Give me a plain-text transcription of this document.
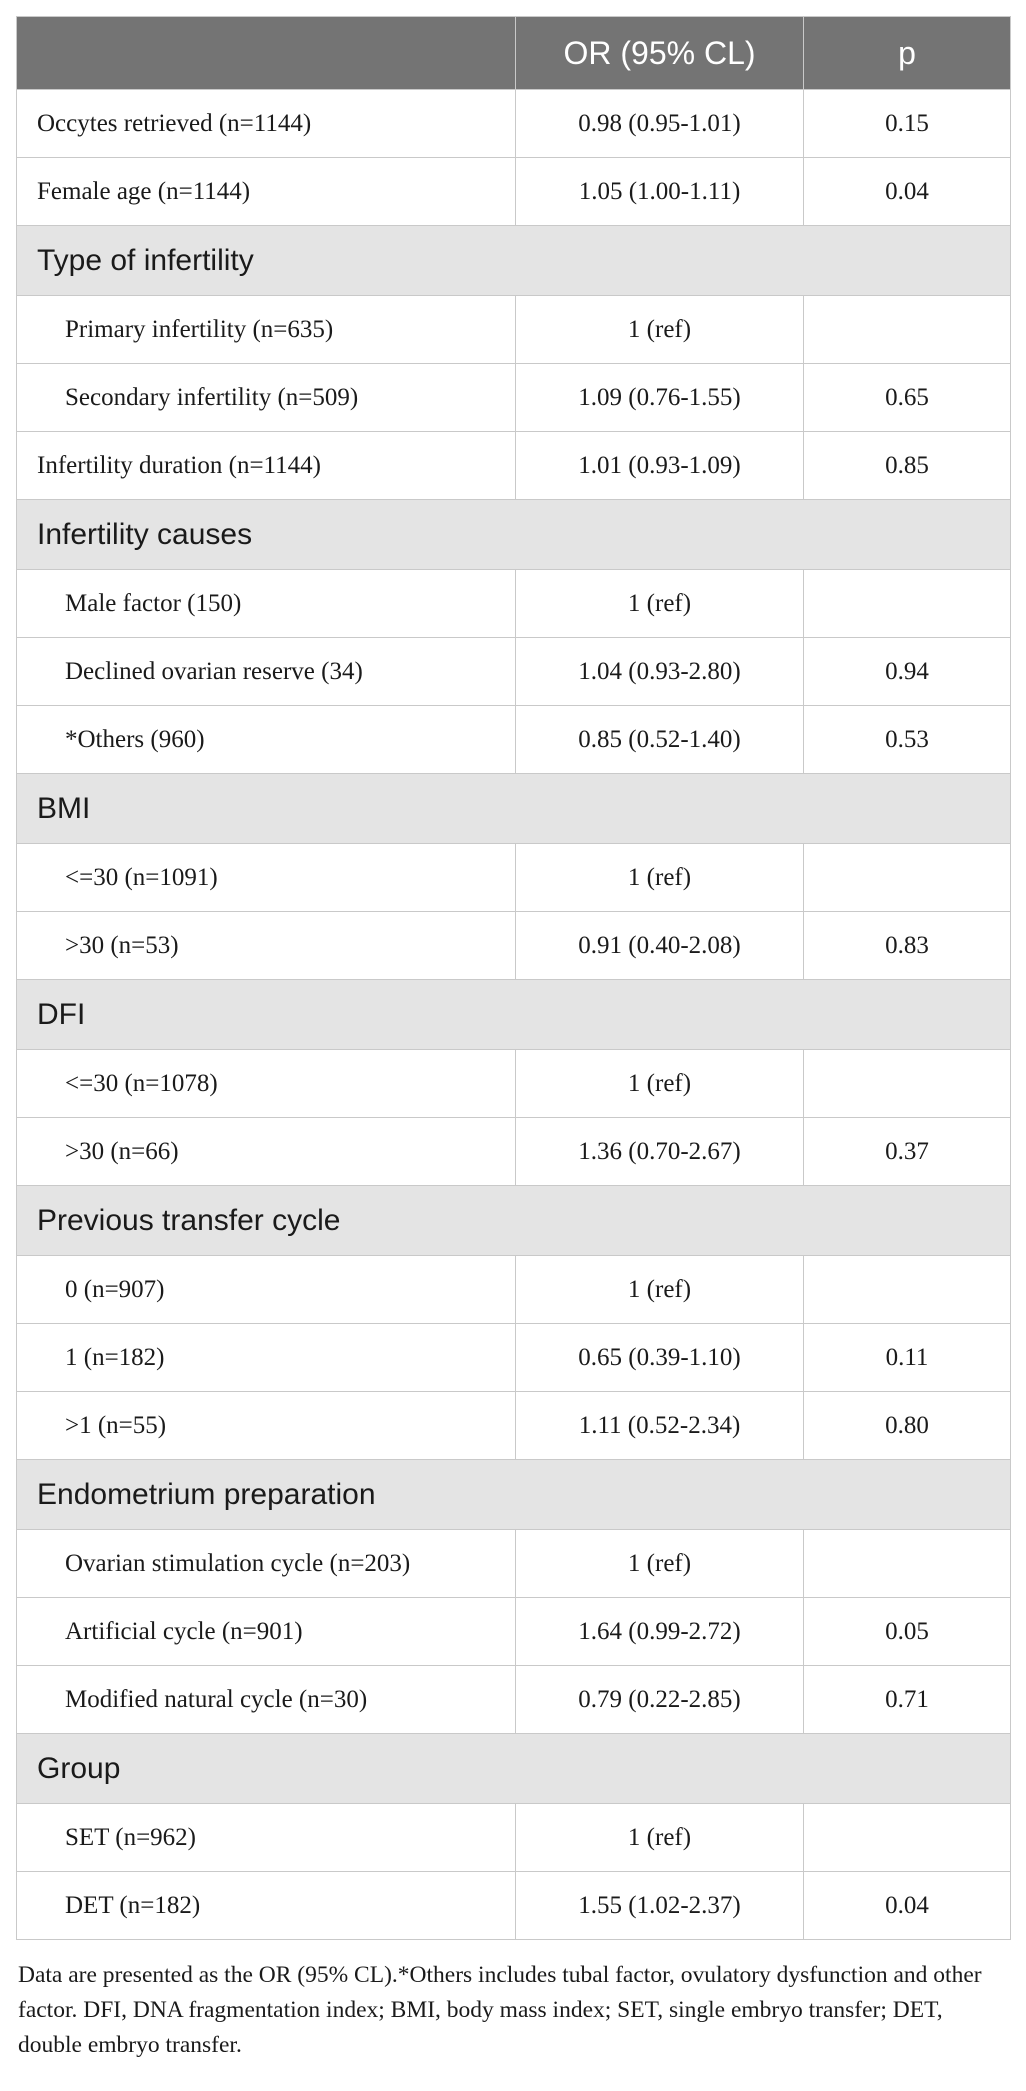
	OR (95% CL)	p
Occytes retrieved (n=1144)	0.98 (0.95-1.01)	0.15
Female age (n=1144)	1.05 (1.00-1.11)	0.04
Type of infertility		
Primary infertility (n=635)	1 (ref)	
Secondary infertility (n=509)	1.09 (0.76-1.55)	0.65
Infertility duration (n=1144)	1.01 (0.93-1.09)	0.85
Infertility causes		
Male factor (150)	1 (ref)	
Declined ovarian reserve (34)	1.04 (0.93-2.80)	0.94
*Others (960)	0.85 (0.52-1.40)	0.53
BMI		
<=30 (n=1091)	1 (ref)	
>30 (n=53)	0.91 (0.40-2.08)	0.83
DFI		
<=30 (n=1078)	1 (ref)	
>30 (n=66)	1.36 (0.70-2.67)	0.37
Previous transfer cycle		
0 (n=907)	1 (ref)	
1 (n=182)	0.65 (0.39-1.10)	0.11
>1 (n=55)	1.11 (0.52-2.34)	0.80
Endometrium preparation		
Ovarian stimulation cycle (n=203)	1 (ref)	
Artificial cycle (n=901)	1.64 (0.99-2.72)	0.05
Modified natural cycle (n=30)	0.79 (0.22-2.85)	0.71
Group		
SET (n=962)	1 (ref)	
DET (n=182)	1.55 (1.02-2.37)	0.04
Data are presented as the OR (95% CL).*Others includes tubal factor, ovulatory dysfunction and other factor. DFI, DNA fragmentation index; BMI, body mass index; SET, single embryo transfer; DET, double embryo transfer.
